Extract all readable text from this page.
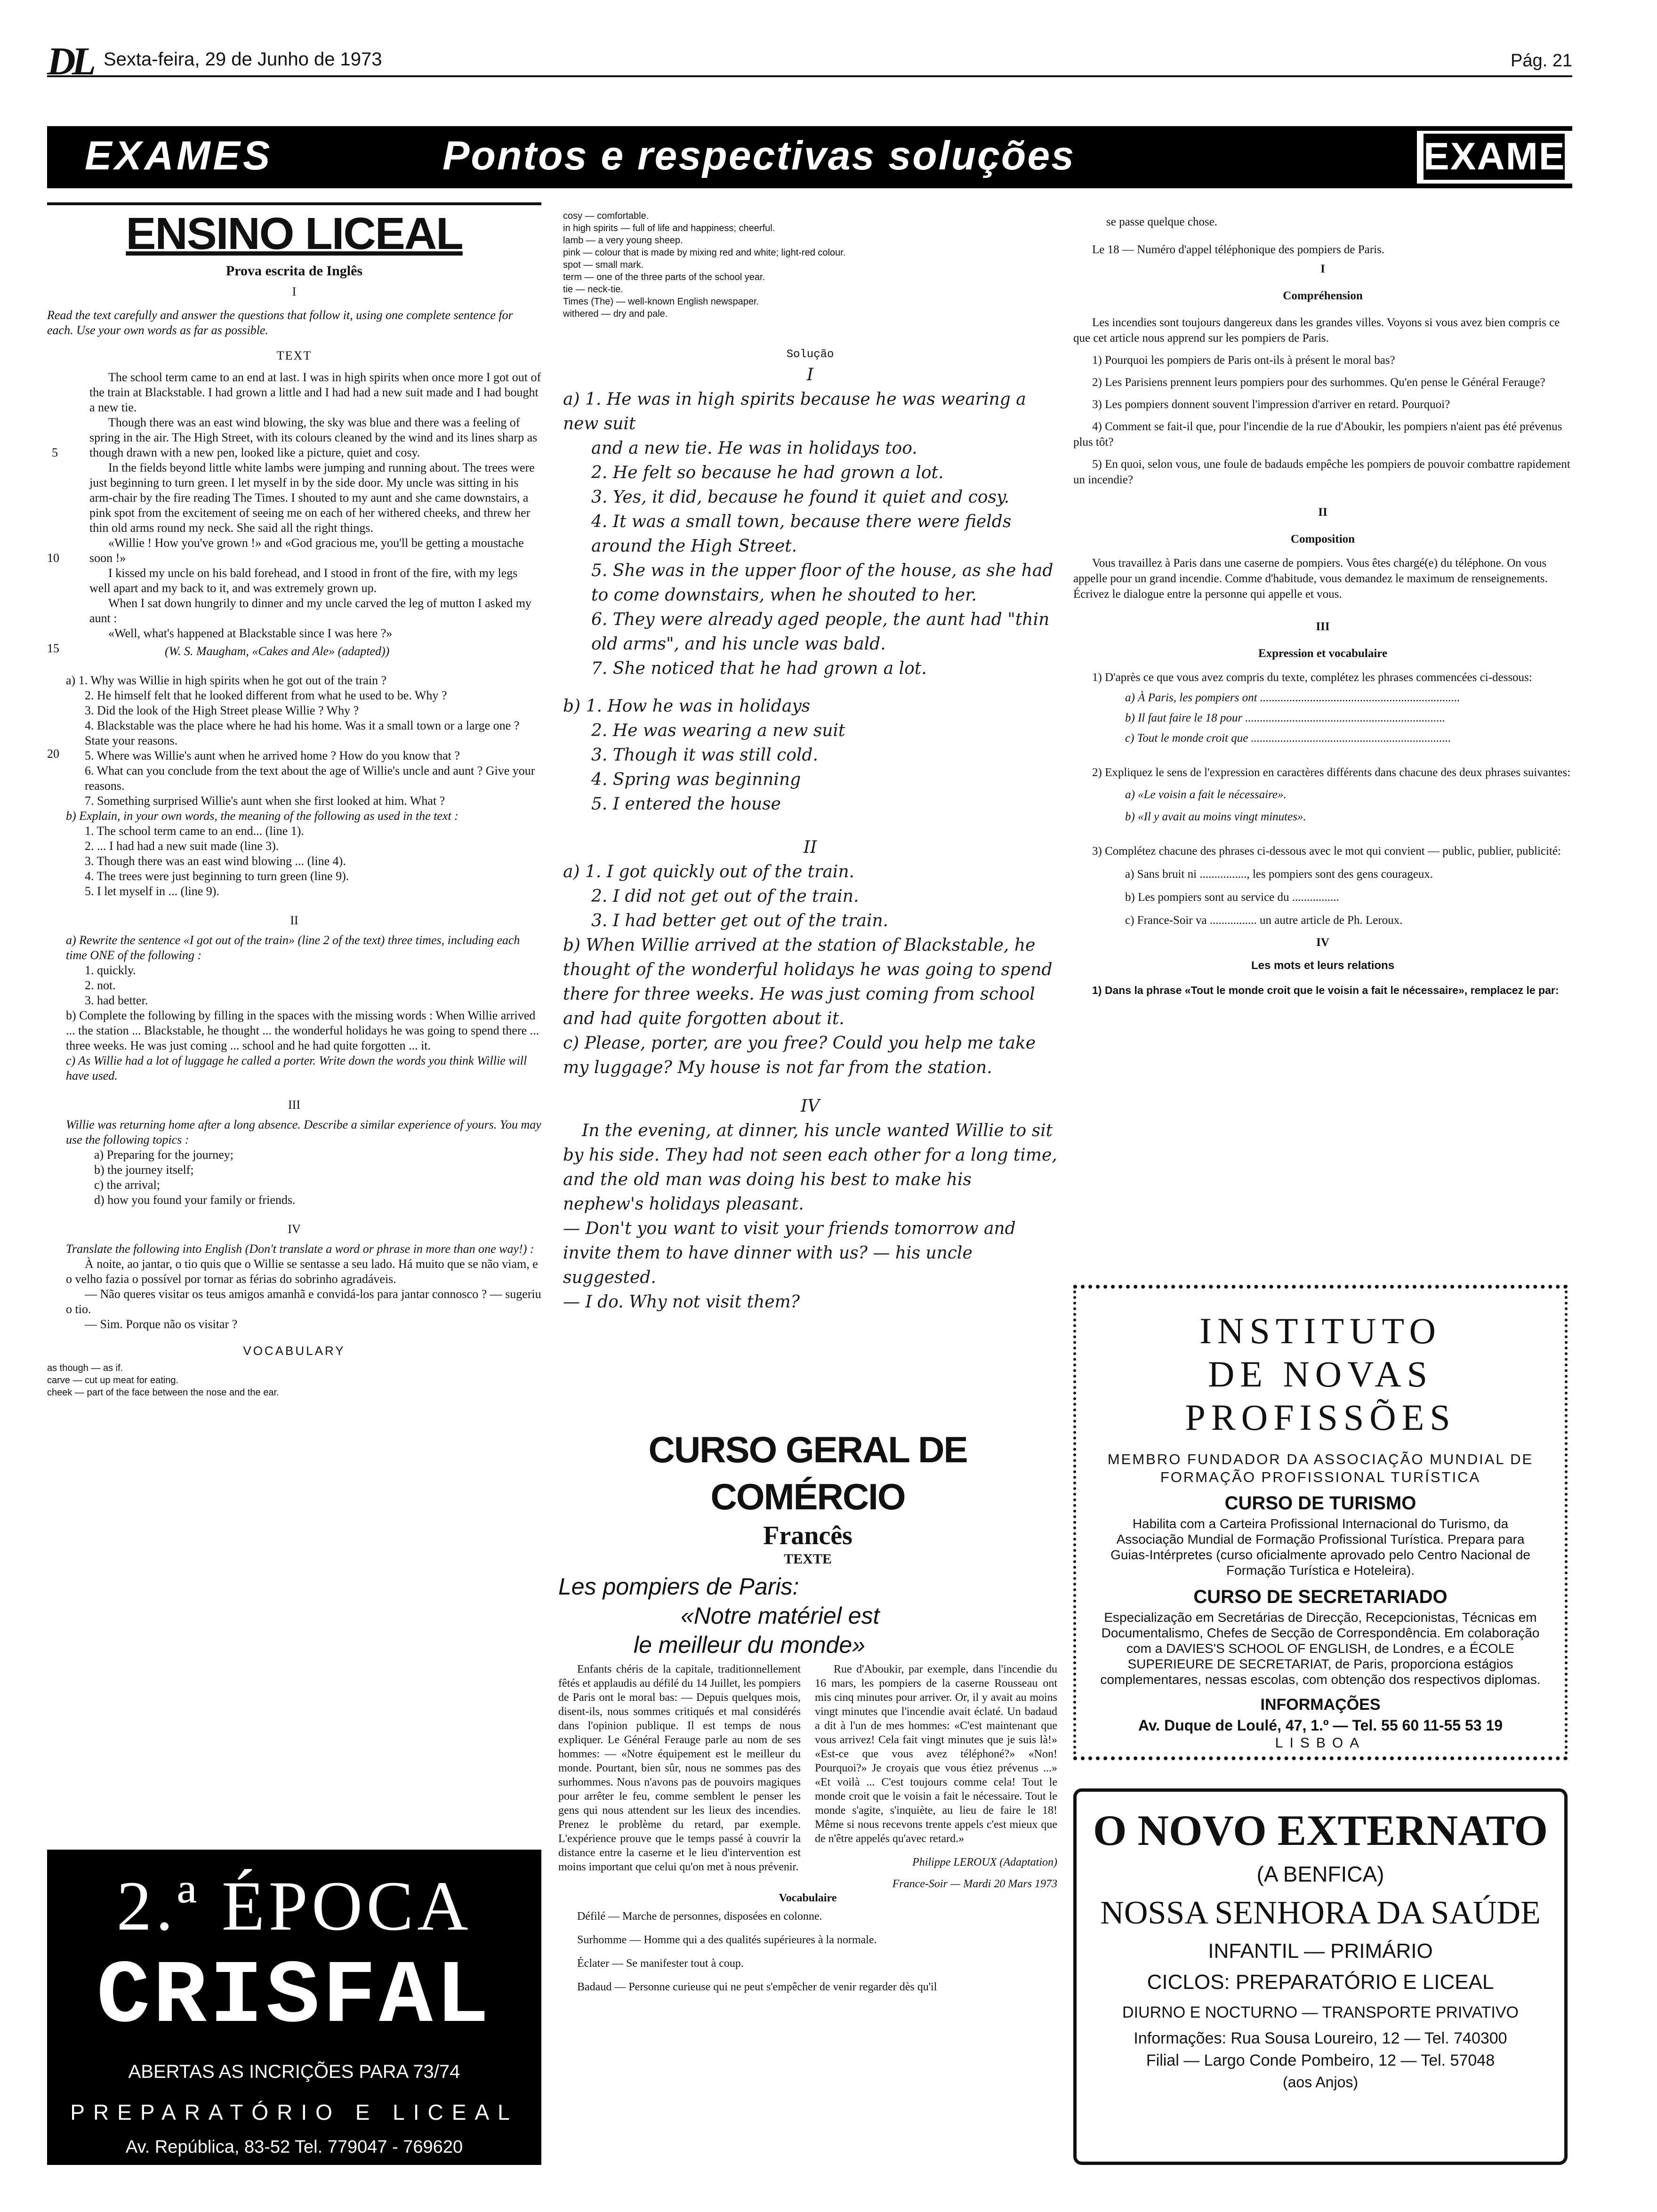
DL Sexta-feira, 29 de Junho de 1973	Pág. 21
EXAMES	Pontos e respectivas soluções	EXAMES
ENSINO LICEAL
Prova escrita de Inglês
I

Read the text carefully and answer the questions that follow it, using one complete sentence for each. Use your own words as far as possible.

TEXT
5
10
15
20

The school term came to an end at last. I was in high spirits when once more I got out of the train at Blackstable. I had grown a little and I had had a new suit made and I had bought a new tie.

Though there was an east wind blowing, the sky was blue and there was a feeling of spring in the air. The High Street, with its colours cleaned by the wind and its lines sharp as though drawn with a new pen, looked like a picture, quiet and cosy.

In the fields beyond little white lambs were jumping and running about. The trees were just beginning to turn green. I let myself in by the side door. My uncle was sitting in his arm-chair by the fire reading The Times. I shouted to my aunt and she came downstairs, a pink spot from the excitement of seeing me on each of her withered cheeks, and threw her thin old arms round my neck. She said all the right things.

«Willie ! How you've grown !» and «God gracious me, you'll be getting a moustache soon !»

I kissed my uncle on his bald forehead, and I stood in front of the fire, with my legs well apart and my back to it, and was extremely grown up.

When I sat down hungrily to dinner and my uncle carved the leg of mutton I asked my aunt :

«Well, what's happened at Blackstable since I was here ?»

(W. S. Maugham, «Cakes and Ale» (adapted))

a) 1. Why was Willie in high spirits when he got out of the train ?

2. He himself felt that he looked different from what he used to be. Why ?

3. Did the look of the High Street please Willie ? Why ?

4. Blackstable was the place where he had his home. Was it a small town or a large one ? State your reasons.

5. Where was Willie's aunt when he arrived home ? How do you know that ?

6. What can you conclude from the text about the age of Willie's uncle and aunt ? Give your reasons.

7. Something surprised Willie's aunt when she first looked at him. What ?

b) Explain, in your own words, the meaning of the following as used in the text :

1. The school term came to an end... (line 1).

2. ... I had had a new suit made (line 3).

3. Though there was an east wind blowing ... (line 4).

4. The trees were just beginning to turn green (line 9).

5. I let myself in ... (line 9).

II

a) Rewrite the sentence «I got out of the train» (line 2 of the text) three times, including each time ONE of the following :

1. quickly.

2. not.

3. had better.

b) Complete the following by filling in the spaces with the missing words : When Willie arrived ... the station ... Blackstable, he thought ... the wonderful holidays he was going to spend there ... three weeks. He was just coming ... school and he had quite forgotten ... it.

c) As Willie had a lot of luggage he called a porter. Write down the words you think Willie will have used.

III

Willie was returning home after a long absence. Describe a similar experience of yours. You may use the following topics :

a) Preparing for the journey;

b) the journey itself;

c) the arrival;

d) how you found your family or friends.

IV

Translate the following into English (Don't translate a word or phrase in more than one way!) :

À noite, ao jantar, o tio quis que o Willie se sentasse a seu lado. Há muito que se não viam, e o velho fazia o possível por tornar as férias do sobrinho agradáveis.

— Não queres visitar os teus amigos amanhã e convidá-los para jantar connosco ? — sugeriu o tio.

— Sim. Porque não os visitar ?

VOCABULARY

as though — as if.

carve — cut up meat for eating.

cheek — part of the face between the nose and the ear.

2.ª ÉPOCA
CRISFAL
ABERTAS AS INCRIÇÕES PARA 73/74
PREPARATÓRIO E LICEAL
Av. República, 83-52 Tel. 779047 - 769620

cosy — comfortable.

in high spirits — full of life and happiness; cheerful.

lamb — a very young sheep.

pink — colour that is made by mixing red and white; light-red colour.

spot — small mark.

term — one of the three parts of the school year.

tie — neck-tie.

Times (The) — well-known English newspaper.

withered — dry and pale.

Solução
I

a) 1. He was in high spirits because he was wearing a new suit

and a new tie. He was in holidays too.

2. He felt so because he had grown a lot.

3. Yes, it did, because he found it quiet and cosy.

4. It was a small town, because there were fields around the High Street.

5. She was in the upper floor of the house, as she had to come downstairs, when he shouted to her.

6. They were already aged people, the aunt had "thin old arms", and his uncle was bald.

7. She noticed that he had grown a lot.

b) 1. How he was in holidays

2. He was wearing a new suit

3. Though it was still cold.

4. Spring was beginning

5. I entered the house

II

a) 1. I got quickly out of the train.

2. I did not get out of the train.

3. I had better get out of the train.

b) When Willie arrived at the station of Blackstable, he thought of the wonderful holidays he was going to spend there for three weeks. He was just coming from school and had quite forgotten about it.

c) Please, porter, are you free? Could you help me take my luggage? My house is not far from the station.

IV

In the evening, at dinner, his uncle wanted Willie to sit by his side. They had not seen each other for a long time, and the old man was doing his best to make his nephew's holidays pleasant.

— Don't you want to visit your friends tomorrow and invite them to have dinner with us? — his uncle suggested.

— I do. Why not visit them?

CURSO GERAL DE COMÉRCIO
Francês
TEXTE
Les pompiers de Paris:
«Notre matériel est
le meilleur du monde»

Enfants chéris de la capitale, traditionnellement fêtés et applaudis au défilé du 14 Juillet, les pompiers de Paris ont le moral bas: — Depuis quelques mois, disent-ils, nous sommes critiqués et mal considérés dans l'opinion publique. Il est temps de nous expliquer. Le Général Ferauge parle au nom de ses hommes: — «Notre équipement est le meilleur du monde. Pourtant, bien sûr, nous ne sommes pas des surhommes. Nous n'avons pas de pouvoirs magiques pour arrêter le feu, comme semblent le penser les gens qui nous attendent sur les lieux des incendies. Prenez le problème du retard, par exemple. L'expérience prouve que le temps passé à couvrir la distance entre la caserne et le lieu d'intervention est moins important que celui qu'on met à nous prévenir.

Rue d'Aboukir, par exemple, dans l'incendie du 16 mars, les pompiers de la caserne Rousseau ont mis cinq minutes pour arriver. Or, il y avait au moins vingt minutes que l'incendie avait éclaté. Un badaud a dit à l'un de mes hommes: «C'est maintenant que vous arrivez! Cela fait vingt minutes que je suis là!» «Est-ce que vous avez téléphoné?» «Non! Pourquoi?» Je croyais que vous étiez prévenus ...» «Et voilà ... C'est toujours comme cela! Tout le monde croit que le voisin a fait le nécessaire. Tout le monde s'agite, s'inquiète, au lieu de faire le 18! Même si nous recevons trente appels c'est mieux que de n'être appelés qu'avec retard.»

Philippe LEROUX (Adaptation)

France-Soir — Mardi 20 Mars 1973

Vocabulaire

Défilé — Marche de personnes, disposées en colonne.

Surhomme — Homme qui a des qualités supérieures à la normale.

Éclater — Se manifester tout à coup.

Badaud — Personne curieuse qui ne peut s'empêcher de venir regarder dès qu'il

se passe quelque chose.

Le 18 — Numéro d'appel téléphonique des pompiers de Paris.

I
Compréhension

Les incendies sont toujours dangereux dans les grandes villes. Voyons si vous avez bien compris ce que cet article nous apprend sur les pompiers de Paris.

1) Pourquoi les pompiers de Paris ont-ils à présent le moral bas?

2) Les Parisiens prennent leurs pompiers pour des surhommes. Qu'en pense le Général Ferauge?

3) Les pompiers donnent souvent l'impression d'arriver en retard. Pourquoi?

4) Comment se fait-il que, pour l'incendie de la rue d'Aboukir, les pompiers n'aient pas été prévenus plus tôt?

5) En quoi, selon vous, une foule de badauds empêche les pompiers de pouvoir combattre rapidement un incendie?

II
Composition

Vous travaillez à Paris dans une caserne de pompiers. Vous êtes chargé(e) du téléphone. On vous appelle pour un grand incendie. Comme d'habitude, vous demandez le maximum de renseignements. Écrivez le dialogue entre la personne qui appelle et vous.

III
Expression et vocabulaire

1) D'après ce que vous avez compris du texte, complétez les phrases commencées ci-dessous:

a) À Paris, les pompiers ont ....................................................................

b) Il faut faire le 18 pour ....................................................................

c) Tout le monde croit que ....................................................................

2) Expliquez le sens de l'expression en caractères différents dans chacune des deux phrases suivantes:

a) «Le voisin a fait le nécessaire».

b) «Il y avait au moins vingt minutes».

3) Complétez chacune des phrases ci-dessous avec le mot qui convient — public, publier, publicité:

a) Sans bruit ni ................, les pompiers sont des gens courageux.

b) Les pompiers sont au service du ................

c) France-Soir va ................ un autre article de Ph. Leroux.

IV
Les mots et leurs relations

1) Dans la phrase «Tout le monde croit que le voisin a fait le nécessaire», remplacez le par:

INSTITUTO
DE NOVAS
PROFISSÕES

MEMBRO FUNDADOR DA ASSOCIAÇÃO MUNDIAL DE FORMAÇÃO PROFISSIONAL TURÍSTICA

CURSO DE TURISMO

Habilita com a Carteira Profissional Internacional do Turismo, da Associação Mundial de Formação Profissional Turística. Prepara para Guias-Intérpretes (curso oficialmente aprovado pelo Centro Nacional de Formação Turística e Hoteleira).

CURSO DE SECRETARIADO

Especialização em Secretárias de Direcção, Recepcionistas, Técnicas em Documentalismo, Chefes de Secção de Correspondência. Em colaboração com a DAVIES'S SCHOOL OF ENGLISH, de Londres, e a ÉCOLE SUPERIEURE DE SECRETARIAT, de Paris, proporciona estágios complementares, nessas escolas, com obtenção dos respectivos diplomas.

INFORMAÇÕES
Av. Duque de Loulé, 47, 1.º — Tel. 55 60 11-55 53 19
LISBOA
O NOVO EXTERNATO
(A BENFICA)
NOSSA SENHORA DA SAÚDE
INFANTIL — PRIMÁRIO
CICLOS: PREPARATÓRIO E LICEAL
DIURNO E NOCTURNO — TRANSPORTE PRIVATIVO
Informações: Rua Sousa Loureiro, 12 — Tel. 740300
Filial — Largo Conde Pombeiro, 12 — Tel. 57048
(aos Anjos)
